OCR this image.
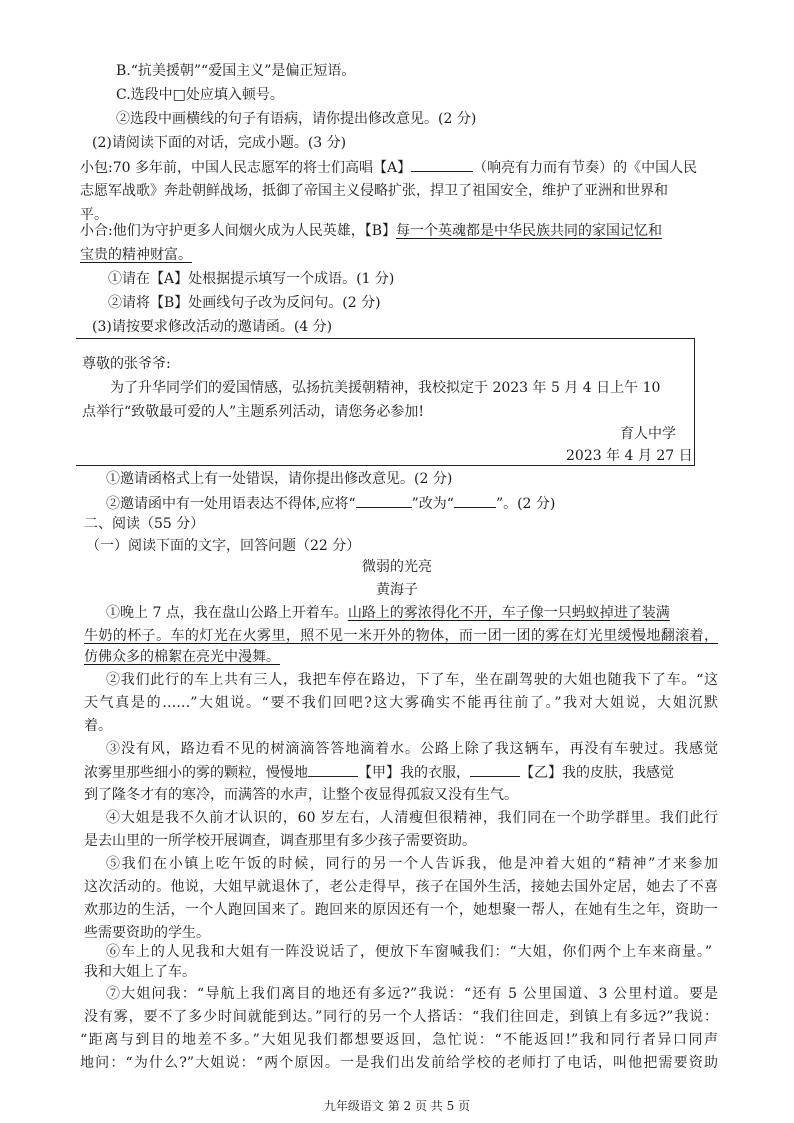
B.“抗美援朝”“爱国主义”是偏正短语。
C.选段中□处应填入顿号。
②选段中画横线的句子有语病，请你提出修改意见。(2 分)
(2)请阅读下面的对话，完成小题。(3 分)
小包:70 多年前，中国人民志愿军的将士们高唱【A】	（响亮有力而有节奏）的《中国人民
志愿军战歌》奔赴朝鲜战场，抵御了帝国主义侵略扩张，捍卫了祖国安全，维护了亚洲和世界和
平。
小合:他们为守护更多人间烟火成为人民英雄，【B】每一个英魂都是中华民族共同的家国记忆和
宝贵的精神财富。
①请在【A】处根据提示填写一个成语。(1 分)
②请将【B】处画线句子改为反问句。(2 分)
(3)请按要求修改活动的邀请函。(4 分)
尊敬的张爷爷:
为了升华同学们的爱国情感，弘扬抗美援朝精神，我校拟定于 2023 年 5 月 4 日上午 10
点举行“致敬最可爱的人”主题系列活动，请您务必参加!
育人中学
2023 年 4 月 27 日
①邀请函格式上有一处错误，请你提出修改意见。(2 分)
②邀请函中有一处用语表达不得体,应将“	”改为“	”。(2 分)
二、阅读（55 分）
（一）阅读下面的文字，回答问题（22 分）
微弱的光亮
黄海子
①晚上 7 点，我在盘山公路上开着车。山路上的雾浓得化不开，车子像一只蚂蚁掉进了装满
牛奶的杯子。车的灯光在火雾里，照不见一米开外的物体，而一团一团的雾在灯光里缓慢地翻滚着，
仿佛众多的棉絮在亮光中漫舞。
②我们此行的车上共有三人，我把车停在路边，下了车，坐在副驾驶的大姐也随我下了车。“这
天气真是的……”大姐说。“要不我们回吧?这大雾确实不能再往前了。”我对大姐说，大姐沉默
着。
③没有风，路边看不见的树滴滴答答地滴着水。公路上除了我这辆车，再没有车驶过。我感觉
浓雾里那些细小的雾的颗粒，慢慢地	【甲】我的衣服，	【乙】我的皮肤，我感觉
到了隆冬才有的寒冷，而满答的水声，让整个夜显得孤寂又没有生气。
④大姐是我不久前才认识的，60 岁左右，人清瘦但很精神，我们同在一个助学群里。我们此行
是去山里的一所学校开展调查，调查那里有多少孩子需要资助。
⑤我们在小镇上吃午饭的时候，同行的另一个人告诉我，他是冲着大姐的“精神”才来参加
这次活动的。他说，大姐早就退休了，老公走得早，孩子在国外生活，接她去国外定居，她去了不喜
欢那边的生活，一个人跑回国来了。跑回来的原因还有一个，她想聚一帮人，在她有生之年，资助一
些需要资助的学生。
⑥车上的人见我和大姐有一阵没说话了，便放下车窗喊我们：“大姐，你们两个上车来商量。”
我和大姐上了车。
⑦大姐问我：“导航上我们离目的地还有多远?”我说：“还有 5 公里国道、3 公里村道。要是
没有雾，要不了多少时间就能到达。”同行的另一个人搭话：“我们往回走，到镇上有多远?”我说：
“距离与到目的地差不多。”大姐见我们都想要返回，急忙说：“不能返回!”我和同行者异口同声
地问：“为什么?”大姐说：“两个原因。一是我们出发前给学校的老师打了电话，叫他把需要资助
九年级语文 第 2 页 共 5 页
